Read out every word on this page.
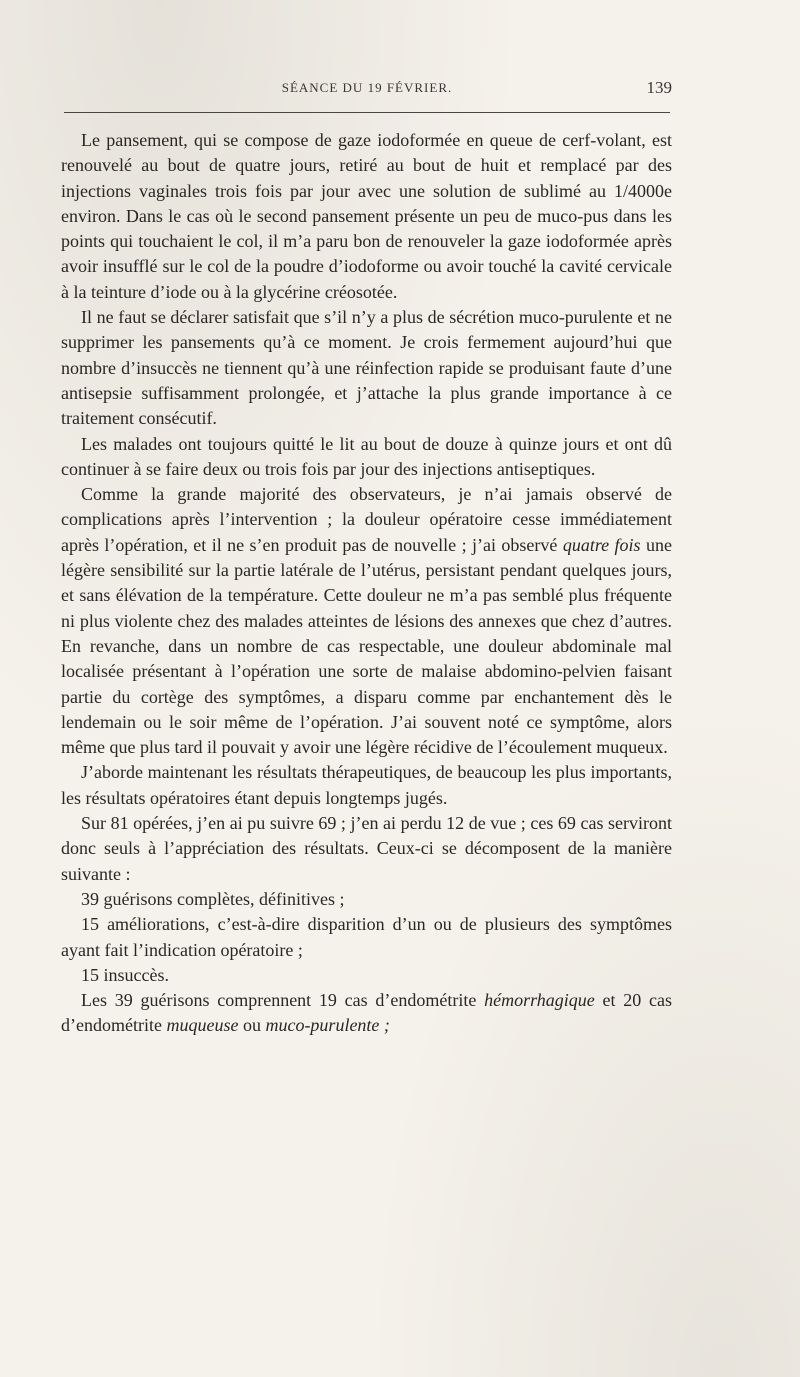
SÉANCE DU 19 FÉVRIER.	139

Le pansement, qui se compose de gaze iodoformée en queue de cerf-volant, est renouvelé au bout de quatre jours, retiré au bout de huit et remplacé par des injections vaginales trois fois par jour avec une solution de sublimé au 1/4000e environ. Dans le cas où le second pansement présente un peu de muco-pus dans les points qui touchaient le col, il m’a paru bon de renouveler la gaze iodoformée après avoir insufflé sur le col de la poudre d’iodoforme ou avoir touché la cavité cervicale à la teinture d’iode ou à la glycérine créosotée.

Il ne faut se déclarer satisfait que s’il n’y a plus de sécrétion muco-purulente et ne supprimer les pansements qu’à ce moment. Je crois fermement aujourd’hui que nombre d’insuccès ne tiennent qu’à une réinfection rapide se produisant faute d’une antisepsie suffisamment prolongée, et j’attache la plus grande importance à ce traitement consécutif.

Les malades ont toujours quitté le lit au bout de douze à quinze jours et ont dû continuer à se faire deux ou trois fois par jour des injections antiseptiques.

Comme la grande majorité des observateurs, je n’ai jamais observé de complications après l’intervention ; la douleur opératoire cesse immédiatement après l’opération, et il ne s’en produit pas de nouvelle ; j’ai observé quatre fois une légère sensibilité sur la partie latérale de l’utérus, persistant pendant quelques jours, et sans élévation de la température. Cette douleur ne m’a pas semblé plus fréquente ni plus violente chez des malades atteintes de lésions des annexes que chez d’autres. En revanche, dans un nombre de cas respectable, une douleur abdominale mal localisée présentant à l’opération une sorte de malaise abdomino-pelvien faisant partie du cortège des symptômes, a disparu comme par enchantement dès le lendemain ou le soir même de l’opération. J’ai souvent noté ce symptôme, alors même que plus tard il pouvait y avoir une légère récidive de l’écoulement muqueux.

J’aborde maintenant les résultats thérapeutiques, de beaucoup les plus importants, les résultats opératoires étant depuis longtemps jugés.

Sur 81 opérées, j’en ai pu suivre 69 ; j’en ai perdu 12 de vue ; ces 69 cas serviront donc seuls à l’appréciation des résultats. Ceux-ci se décomposent de la manière suivante :

39 guérisons complètes, définitives ;

15 améliorations, c’est-à-dire disparition d’un ou de plusieurs des symptômes ayant fait l’indication opératoire ;

15 insuccès.

Les 39 guérisons comprennent 19 cas d’endométrite hémorrhagique et 20 cas d’endométrite muqueuse ou muco-purulente ;
